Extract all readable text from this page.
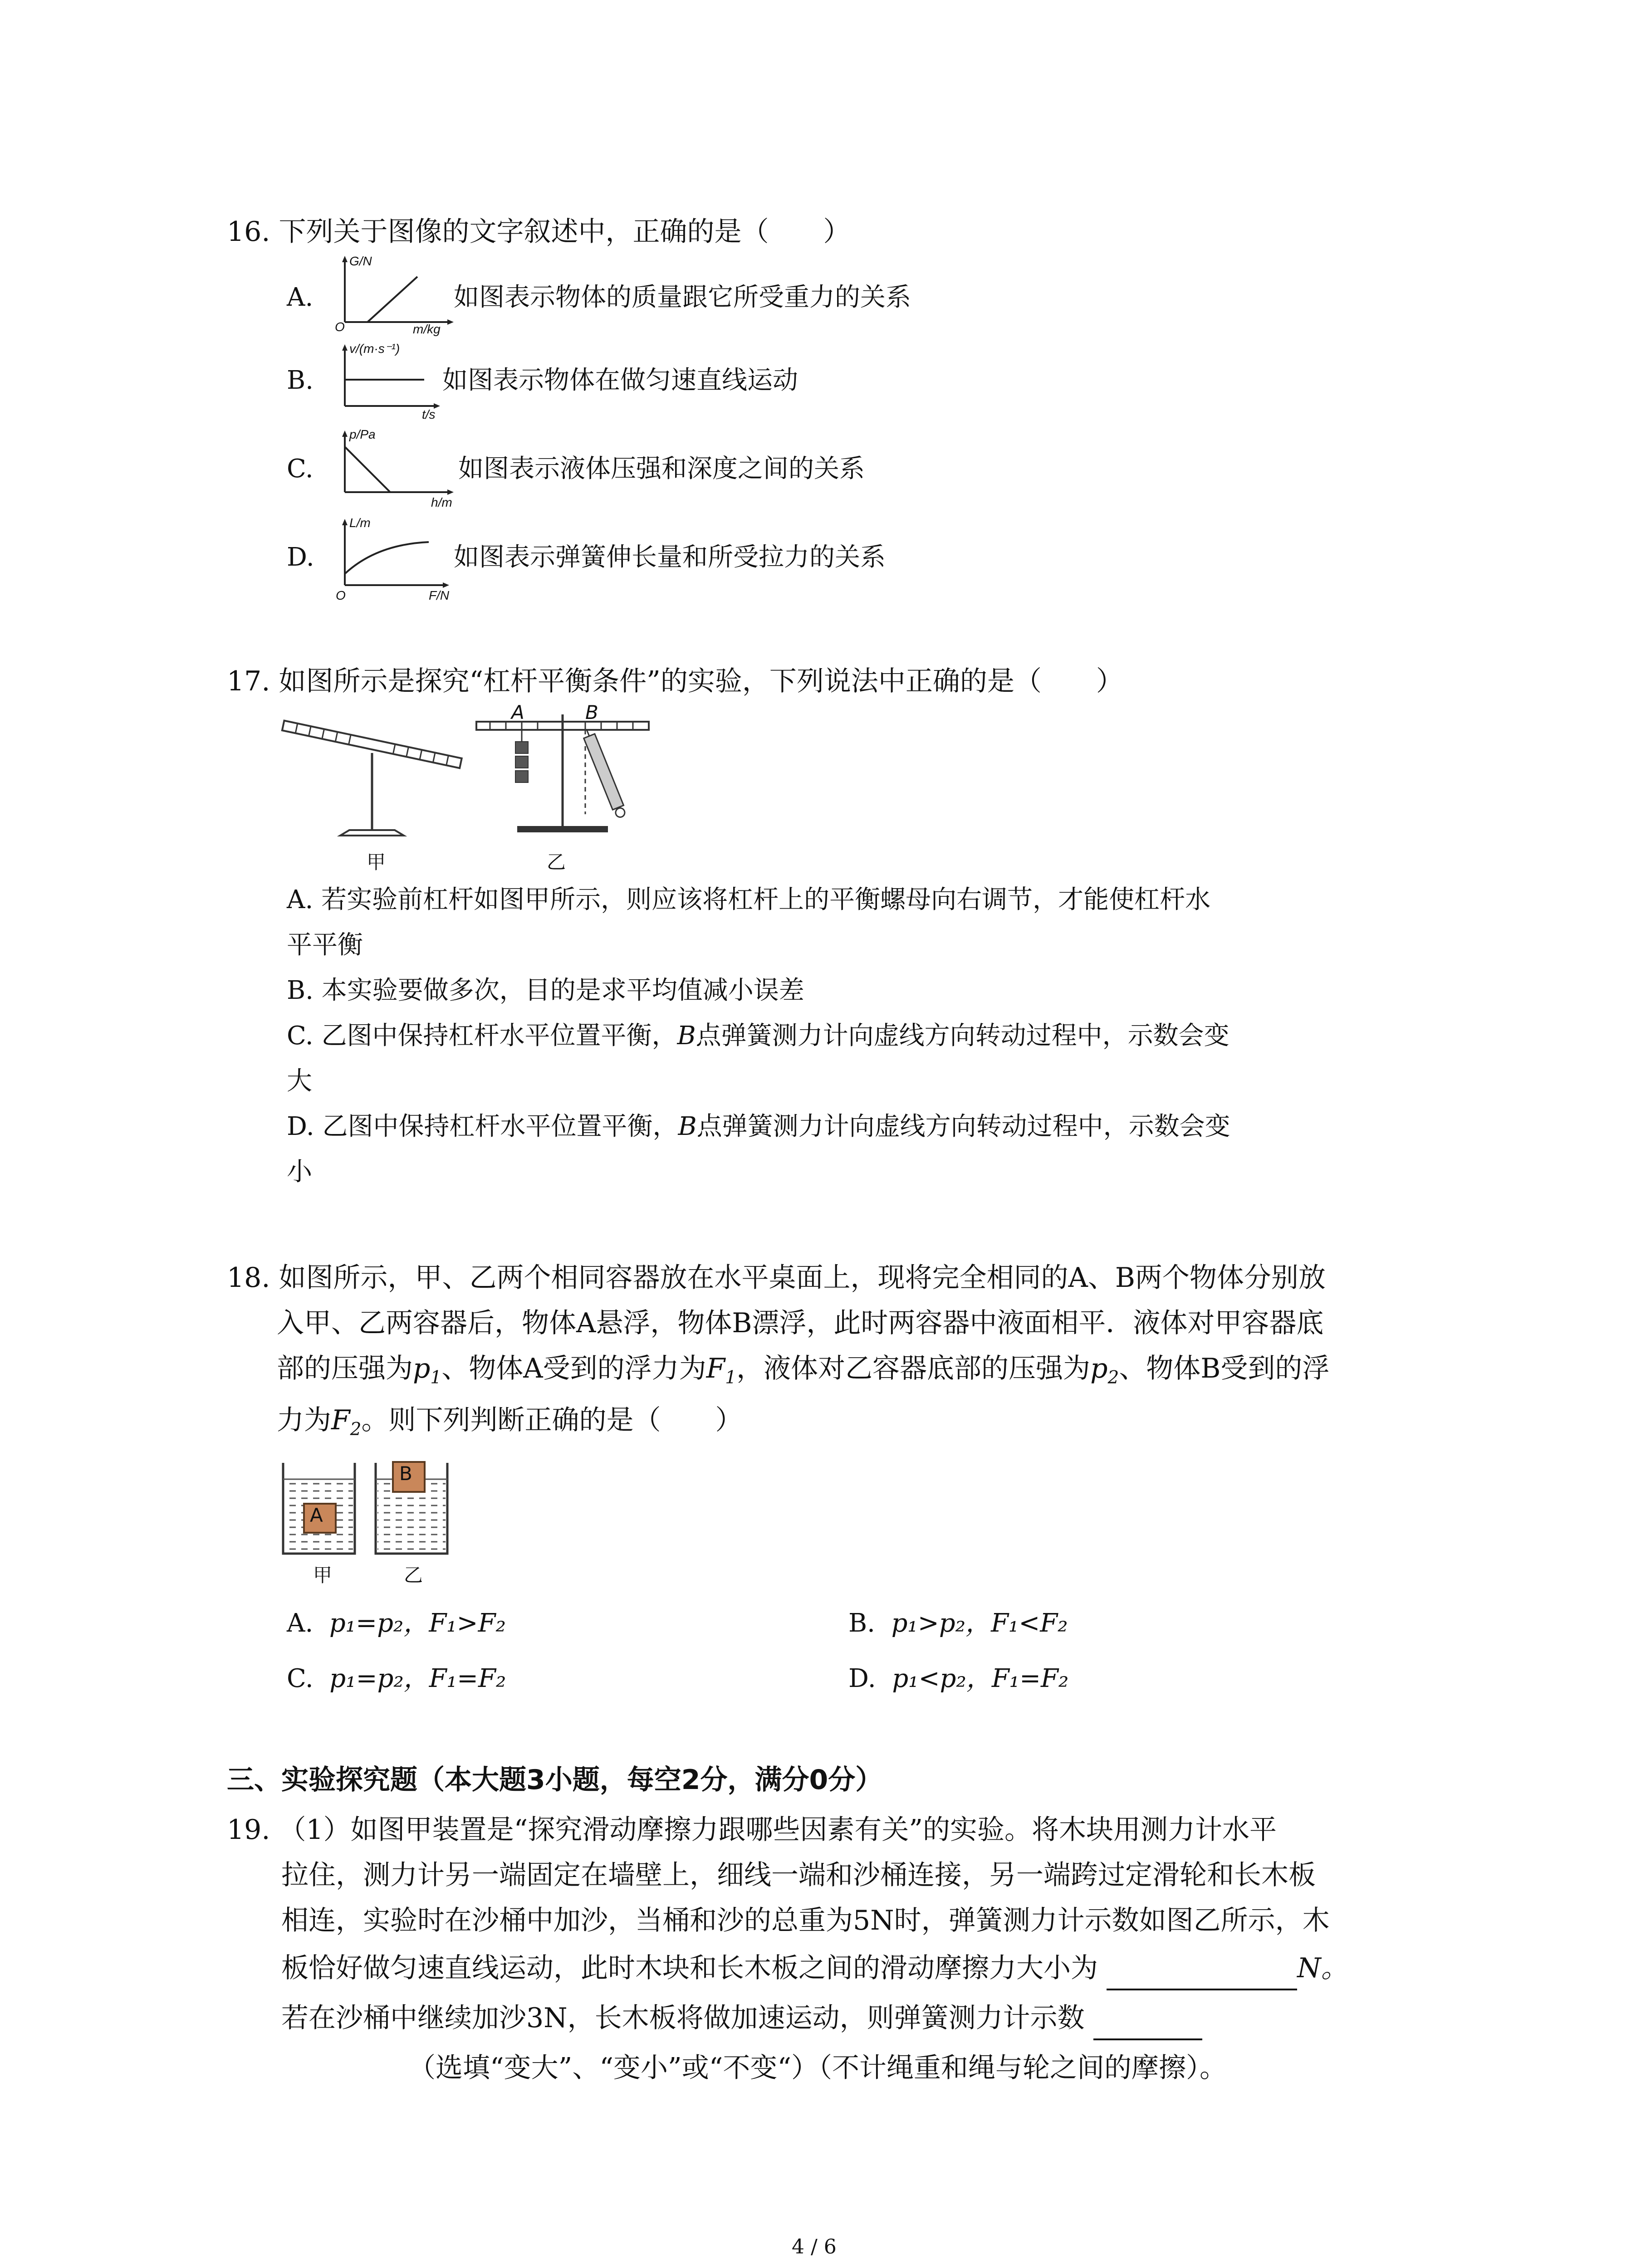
16. 下列关于图像的文字叙述中，正确的是（　　）
A.
G/N
m/kg
O
如图表示物体的质量跟它所受重力的关系
B.
v/(m·s⁻¹)
t/s
如图表示物体在做匀速直线运动
C.
p/Pa
h/m
如图表示液体压强和深度之间的关系
D.
L/m
F/N
O
如图表示弹簧伸长量和所受拉力的关系
17. 如图所示是探究“杠杆平衡条件”的实验，下列说法中正确的是（　　）
甲
A	B
乙
A. 若实验前杠杆如图甲所示，则应该将杠杆上的平衡螺母向右调节，才能使杠杆水
平平衡
B. 本实验要做多次，目的是求平均值减小误差
C. 乙图中保持杠杆水平位置平衡，B点弹簧测力计向虚线方向转动过程中，示数会变
大
D. 乙图中保持杠杆水平位置平衡，B点弹簧测力计向虚线方向转动过程中，示数会变
小
18. 如图所示，甲、乙两个相同容器放在水平桌面上，现将完全相同的A、B两个物体分别放
入甲、乙两容器后，物体A悬浮，物体B漂浮，此时两容器中液面相平．液体对甲容器底
部的压强为$p_1$、物体A受到的浮力为$F_1$，液体对乙容器底部的压强为$p_2$、物体B受到的浮
力为$F_2$。则下列判断正确的是（　　）
A
B
甲	乙
A. p₁=p₂，F₁>F₂	B. p₁>p₂，F₁<F₂
C. p₁=p₂，F₁=F₂	D. p₁<p₂，F₁=F₂
三、实验探究题（本大题3小题，每空2分，满分0分）
19. （1）如图甲装置是“探究滑动摩擦力跟哪些因素有关”的实验。将木块用测力计水平
拉住，测力计另一端固定在墙壁上，细线一端和沙桶连接，另一端跨过定滑轮和长木板
相连，实验时在沙桶中加沙，当桶和沙的总重为5N时，弹簧测力计示数如图乙所示，木
板恰好做匀速直线运动，此时木块和长木板之间的滑动摩擦力大小为	N。
若在沙桶中继续加沙3N，长木板将做加速运动，则弹簧测力计示数
（选填“变大”、“变小”或“不变“）（不计绳重和绳与轮之间的摩擦）。
4 / 6
